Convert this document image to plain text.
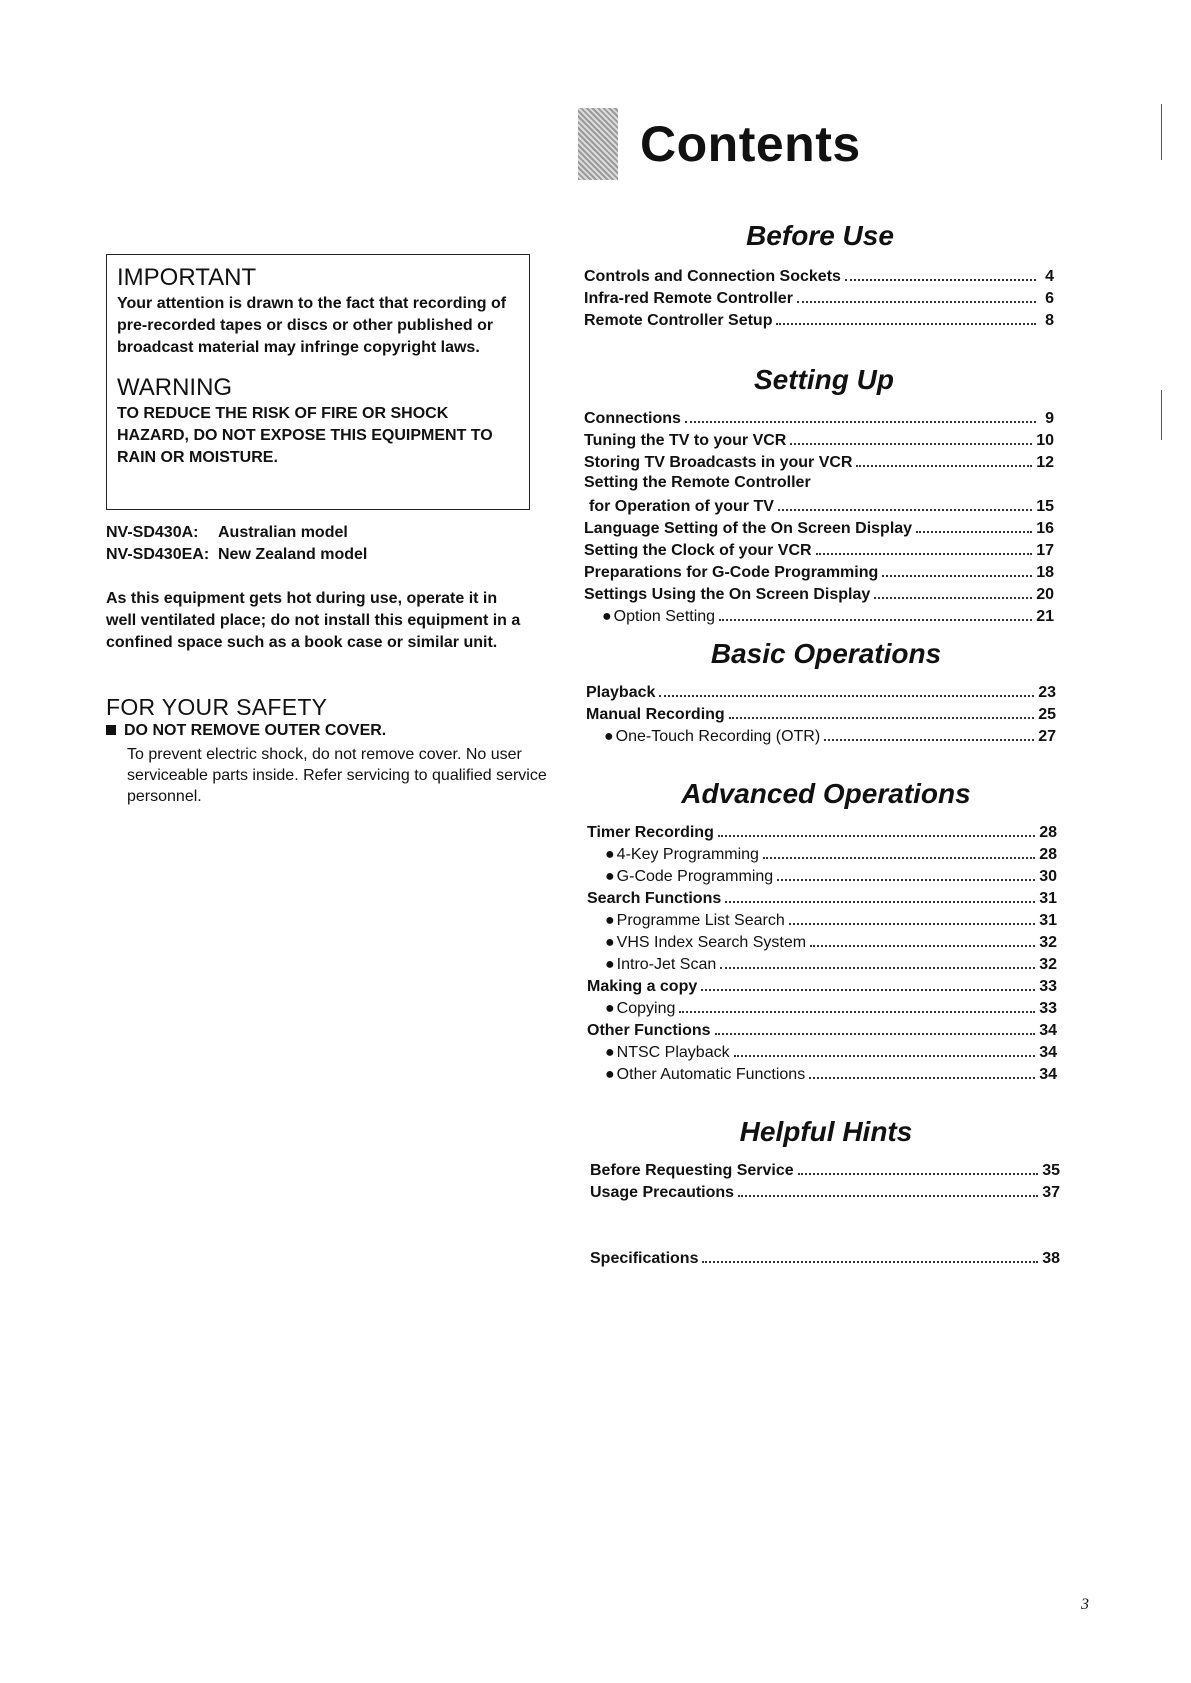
Contents
IMPORTANT
Your attention is drawn to the fact that recording of pre-recorded tapes or discs or other published or broadcast material may infringe copyright laws.
WARNING
TO REDUCE THE RISK OF FIRE OR SHOCK HAZARD, DO NOT EXPOSE THIS EQUIPMENT TO RAIN OR MOISTURE.
NV-SD430A:	Australian model
NV-SD430EA: New Zealand model
As this equipment gets hot during use, operate it in well ventilated place; do not install this equipment in a confined space such as a book case or similar unit.
FOR YOUR SAFETY
DO NOT REMOVE OUTER COVER.
To prevent electric shock, do not remove cover. No user serviceable parts inside. Refer servicing to qualified service personnel.
Before Use
Controls and Connection Sockets	4
Infra-red Remote Controller	6
Remote Controller Setup	8
Setting Up
Connections	9
Tuning the TV to your VCR	10
Storing TV Broadcasts in your VCR	12
Setting the Remote Controller
for Operation of your TV	15
Language Setting of the On Screen Display	16
Setting the Clock of your VCR	17
Preparations for G-Code Programming	18
Settings Using the On Screen Display	20
● Option Setting	21
Basic Operations
Playback	23
Manual Recording	25
● One-Touch Recording (OTR)	27
Advanced Operations
Timer Recording	28
● 4-Key Programming	28
● G-Code Programming	30
Search Functions	31
● Programme List Search	31
● VHS Index Search System	32
● Intro-Jet Scan	32
Making a copy	33
● Copying	33
Other Functions	34
● NTSC Playback	34
● Other Automatic Functions	34
Helpful Hints
Before Requesting Service	35
Usage Precautions	37
Specifications	38
3
